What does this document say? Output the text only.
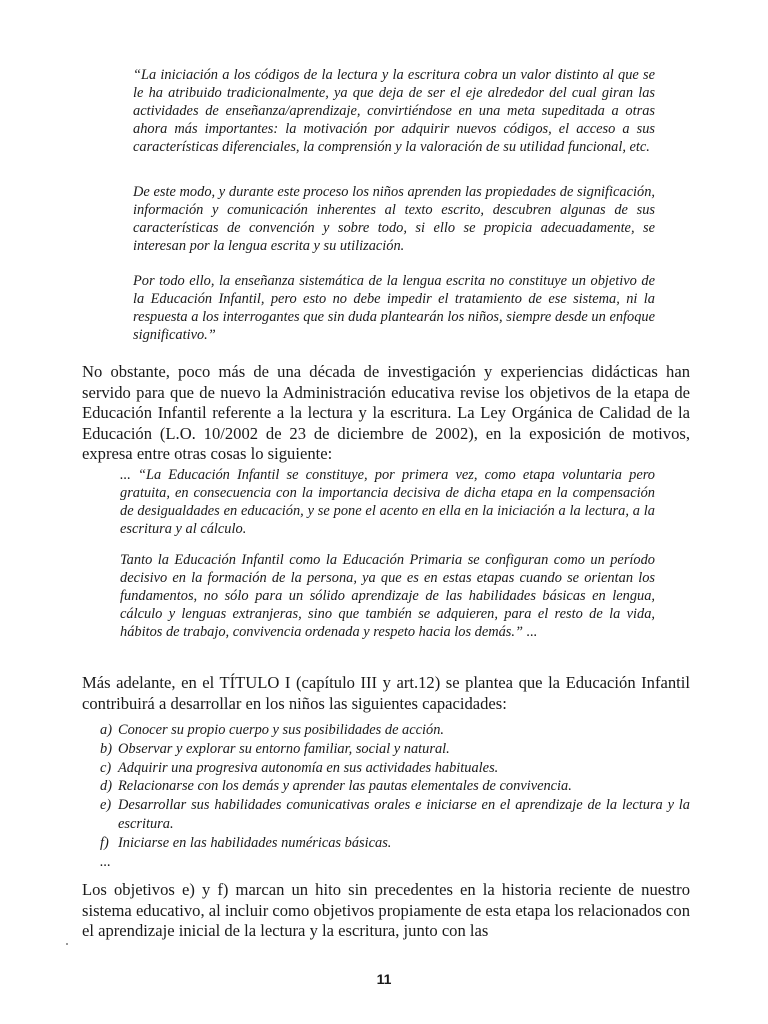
“La iniciación a los códigos de la lectura y la escritura cobra un valor distinto al que se le ha atribuido tradicionalmente, ya que deja de ser el eje alrededor del cual giran las actividades de enseñanza/aprendizaje, convirtiéndose en una meta supeditada a otras ahora más importantes: la motivación por adquirir nuevos códigos, el acceso a sus características diferenciales, la comprensión y la valoración de su utilidad funcional, etc.

De este modo, y durante este proceso los niños aprenden las propiedades de significación, información y comunicación inherentes al texto escrito, descubren algunas de sus características de convención y sobre todo, si ello se propicia adecuadamente, se interesan por la lengua escrita y su utilización.

Por todo ello, la enseñanza sistemática de la lengua escrita no constituye un objetivo de la Educación Infantil, pero esto no debe impedir el tratamiento de ese sistema, ni la respuesta a los interrogantes que sin duda plantearán los niños, siempre desde un enfoque significativo.”

No obstante, poco más de una década de investigación y experiencias didácticas han servido para que de nuevo la Administración educativa revise los objetivos de la etapa de Educación Infantil referente a la lectura y la escritura. La Ley Orgánica de Calidad de la Educación (L.O. 10/2002 de 23 de diciembre de 2002), en la exposición de motivos, expresa entre otras cosas lo siguiente:

... “La Educación Infantil se constituye, por primera vez, como etapa voluntaria pero gratuita, en consecuencia con la importancia decisiva de dicha etapa en la compensación de desigualdades en educación, y se pone el acento en ella en la iniciación a la lectura, a la escritura y al cálculo.

Tanto la Educación Infantil como la Educación Primaria se configuran como un período decisivo en la formación de la persona, ya que es en estas etapas cuando se orientan los fundamentos, no sólo para un sólido aprendizaje de las habilidades básicas en lengua, cálculo y lenguas extranjeras, sino que también se adquieren, para el resto de la vida, hábitos de trabajo, convivencia ordenada y respeto hacia los demás.” ...

Más adelante, en el TÍTULO I (capítulo III y art.12) se plantea que la Educación Infantil contribuirá a desarrollar en los niños las siguientes capacidades:

a) Conocer su propio cuerpo y sus posibilidades de acción.
b) Observar y explorar su entorno familiar, social y natural.
c) Adquirir una progresiva autonomía en sus actividades habituales.
d) Relacionarse con los demás y aprender las pautas elementales de convivencia.
e) Desarrollar sus habilidades comunicativas orales e iniciarse en el aprendizaje de la lectura y la escritura.
f) Iniciarse en las habilidades numéricas básicas.
...

Los objetivos e) y f) marcan un hito sin precedentes en la historia reciente de nuestro sistema educativo, al incluir como objetivos propiamente de esta etapa los relacionados con el aprendizaje inicial de la lectura y la escritura, junto con las

11
